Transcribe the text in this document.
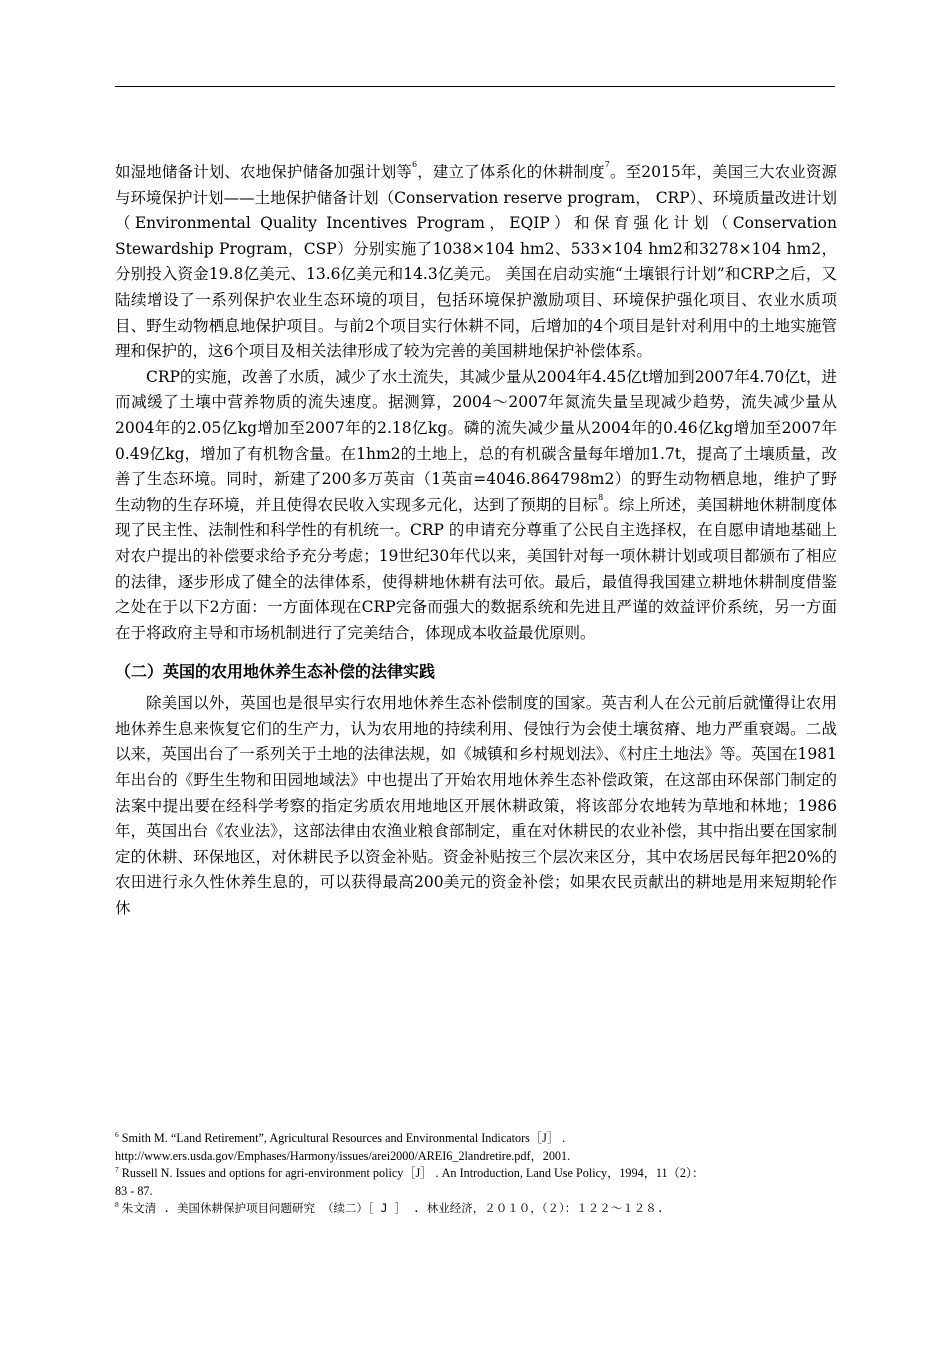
如湿地储备计划、农地保护储备加强计划等$^6$，建立了体系化的休耕制度$^7$。至2015年，美国三大农业资源与环境保护计划——土地保护储备计划（Conservation reserve program， CRP）、环境质量改进计划（Environmental Quality Incentives Program，EQIP）和保育强化计划（Conservation Stewardship Program，CSP）分别实施了1038×104 hm2、533×104 hm2和3278×104 hm2，分别投入资金19.8亿美元、13.6亿美元和14.3亿美元。 美国在启动实施“土壤银行计划”和CRP之后，又陆续增设了一系列保护农业生态环境的项目，包括环境保护激励项目、环境保护强化项目、农业水质项目、野生动物栖息地保护项目。与前2个项目实行休耕不同，后增加的4个项目是针对利用中的土地实施管理和保护的，这6个项目及相关法律形成了较为完善的美国耕地保护补偿体系。

CRP的实施，改善了水质，减少了水土流失，其减少量从2004年4.45亿t增加到2007年4.70亿t，进而减缓了土壤中营养物质的流失速度。据测算，2004～2007年氮流失量呈现减少趋势，流失减少量从2004年的2.05亿kg增加至2007年的2.18亿kg。磷的流失减少量从2004年的0.46亿kg增加至2007年0.49亿kg，增加了有机物含量。在1hm2的土地上，总的有机碳含量每年增加1.7t，提高了土壤质量，改善了生态环境。同时，新建了200多万英亩（1英亩=4046.864798m2）的野生动物栖息地，维护了野生动物的生存环境，并且使得农民收入实现多元化，达到了预期的目标$^8$。综上所述，美国耕地休耕制度体现了民主性、法制性和科学性的有机统一。CRP 的申请充分尊重了公民自主选择权，在自愿申请地基础上对农户提出的补偿要求给予充分考虑；19世纪30年代以来，美国针对每一项休耕计划或项目都颁布了相应的法律，逐步形成了健全的法律体系，使得耕地休耕有法可依。最后，最值得我国建立耕地休耕制度借鉴之处在于以下2方面：一方面体现在CRP完备而强大的数据系统和先进且严谨的效益评价系统，另一方面在于将政府主导和市场机制进行了完美结合，体现成本收益最优原则。

（二）英国的农用地休养生态补偿的法律实践

除美国以外，英国也是很早实行农用地休养生态补偿制度的国家。英吉利人在公元前后就懂得让农用地休养生息来恢复它们的生产力，认为农用地的持续利用、侵蚀行为会使土壤贫瘠、地力严重衰竭。二战以来，英国出台了一系列关于土地的法律法规，如《城镇和乡村规划法》、《村庄土地法》等。英国在1981年出台的《野生生物和田园地域法》中也提出了开始农用地休养生态补偿政策，在这部由环保部门制定的法案中提出要在经科学考察的指定劣质农用地地区开展休耕政策，将该部分农地转为草地和林地；1986年，英国出台《农业法》，这部法律由农渔业粮食部制定，重在对休耕民的农业补偿，其中指出要在国家制定的休耕、环保地区，对休耕民予以资金补贴。资金补贴按三个层次来区分，其中农场居民每年把20%的农田进行永久性休养生息的，可以获得最高200美元的资金补偿；如果农民贡献出的耕地是用来短期轮作休

$^6$ Smith M. “Land Retirement”, Agricultural Resources and Environmental Indicators［J］ .

http://www.ers.usda.gov/Emphases/Harmony/issues/arei2000/AREI6_2landretire.pdf，2001.

$^7$ Russell N. Issues and options for agri-environment policy［J］ . An Introduction, Land Use Policy，1994，11（2）：

83 - 87.

$^8$ 朱文清 . 美国休耕保护项目问题研究 （续二）［ J ］ . 林业经济，２０１０，（２）：１２２～１２８.
